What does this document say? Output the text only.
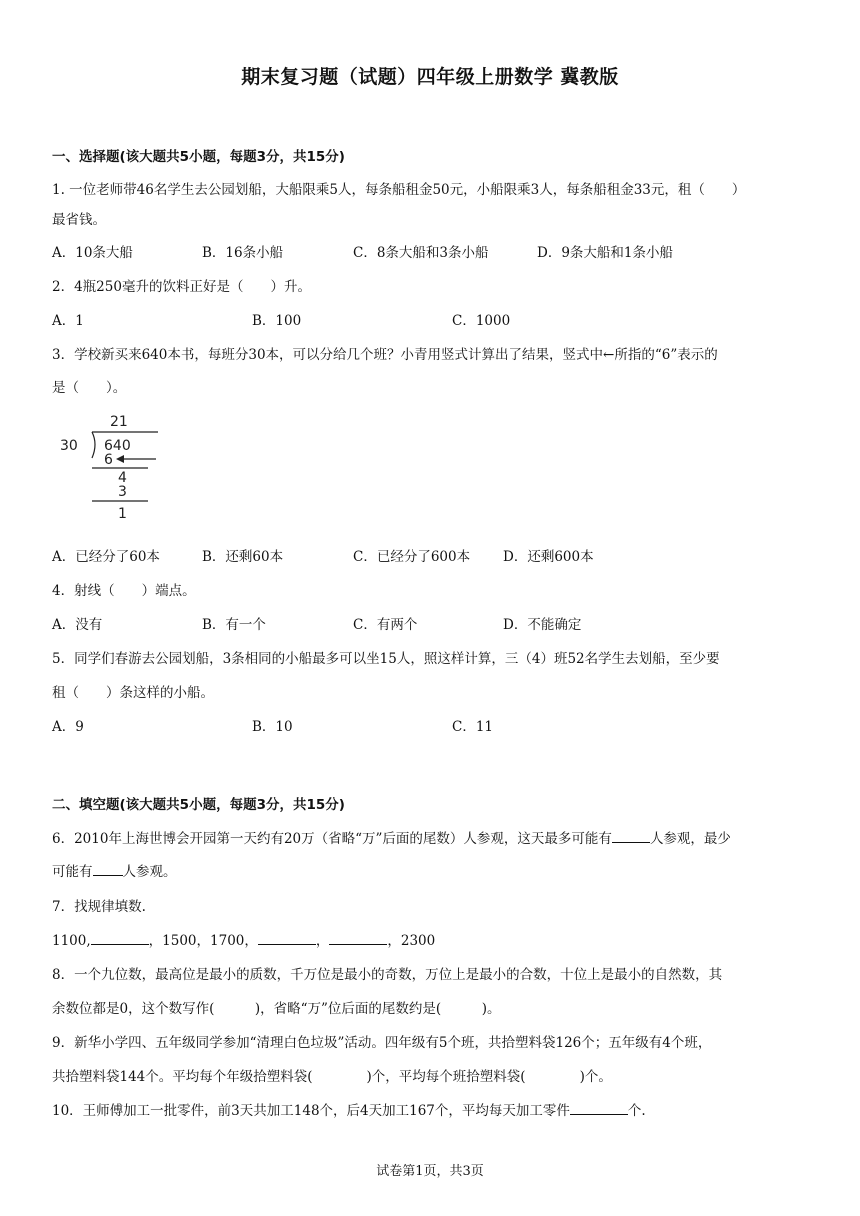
期末复习题（试题）四年级上册数学 冀教版
一、选择题(该大题共5小题，每题3分，共15分)
1. 一位老师带46名学生去公园划船，大船限乘5人，每条船租金50元，小船限乘3人，每条船租金33元，租（　　）
最省钱。
A．10条大船	B．16条小船	C．8条大船和3条小船	D．9条大船和1条小船
2．4瓶250毫升的饮料正好是（　　）升。
A．1	B．100	C．1000
3．学校新买来640本书，每班分30本，可以分给几个班？小青用竖式计算出了结果，竖式中←所指的“6”表示的
是（　　）。
21
30 640
6
4
3
1
A．已经分了60本	B．还剩60本	C．已经分了600本 D．还剩600本
4．射线（　　）端点。
A．没有	B．有一个	C．有两个	D．不能确定
5．同学们春游去公园划船，3条相同的小船最多可以坐15人，照这样计算，三（4）班52名学生去划船，至少要
租（　　）条这样的小船。
A．9	B．10	C．11
二、填空题(该大题共5小题，每题3分，共15分)
6．2010年上海世博会开园第一天约有20万（省略“万”后面的尾数）人参观，这天最多可能有	人参观，最少
可能有 人参观。
7．找规律填数.
1100,	，1500，1700，	，	，2300
8．一个九位数，最高位是最小的质数，千万位是最小的奇数，万位上是最小的合数，十位上是最小的自然数，其
余数位都是0，这个数写作(　　　)，省略“万”位后面的尾数约是(　　　)。
9．新华小学四、五年级同学参加“清理白色垃圾”活动。四年级有5个班，共拾塑料袋126个；五年级有4个班，
共拾塑料袋144个。平均每个年级拾塑料袋(　　　　)个，平均每个班拾塑料袋(　　　　)个。
10．王师傅加工一批零件，前3天共加工148个，后4天加工167个，平均每天加工零件	个.
试卷第1页，共3页
